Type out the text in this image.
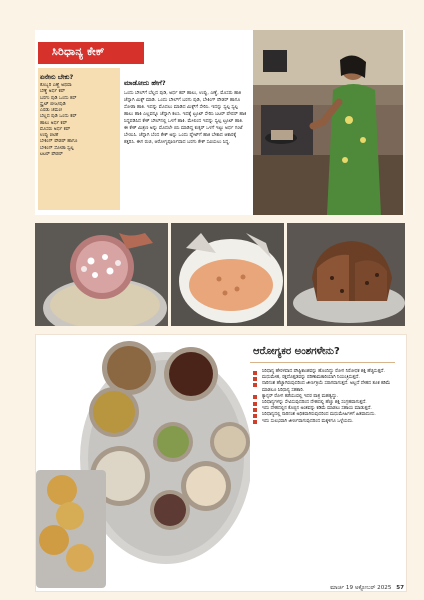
ಸಿರಿಧಾನ್ಯ ಕೇಕ್
ಏನೇನು ಬೇಕು?
ಕೊಬ್ಬರಿ ಎಣ್ಣೆ ಅಥವಾ
ಬೆಣ್ಣೆ ಅರ್ಧ ಕಪ್
ಬರಗು ಪುಡಿ ಒಂದು ಕಪ್
ಸ್ಟ್ರೈಟ್ ಬೀಜ/ಪುಡಿ
ಎರಡು ಚಮಚ
ಬೆಲ್ಲದ ಪುಡಿ ಒಂದು ಕಪ್
ಹಾಲು ಅರ್ಧ ಕಪ್
ಮೊಸರು ಅರ್ಧ ಕಪ್
ಉಪ್ಪು ಚಿಟಿಕೆ
ಬೇಕಿಂಗ್ ಪೌಡರ್ ಹಾಗೂ
ಬೇಕಿಂಗ್ ಸೋಡಾ ಸ್ವಲ್ಪ
ಟಟರ್ ಪೌಡರ್
ಮಾಡೋದು ಹೇಗೆ?
ಒಂದು ಬೌಲ್‌ಗೆ ಬೆಲ್ಲದ ಪುಡಿ, ಅರ್ಧ ಕಪ್ ಹಾಲು, ಉಪ್ಪು, ಎಣ್ಣೆ, ಮೊಸರು ಹಾಕಿ ಚೆನ್ನಾಗಿ ಮಿಕ್ಸ್ ಮಾಡಿ. ಒಂದು ಬೌಲ್‌ಗೆ ಬರಗು ಪುಡಿ, ಬೇಕಿಂಗ್ ಪೌಡರ್ ಹಾಗೂ ಸೋಡಾ ಹಾಕಿ. ಇದನ್ನು ಮೊದಲು ಮಾಡಿದ ಮಿಕ್ಸ್‌ಗೆ ಸೇರಿಸಿ. ಇದನ್ನು ಸ್ವಲ್ಪ ಸ್ವಲ್ಪ ಹಾಲು ಹಾಕಿ ಎಲ್ಲವನ್ನೂ ಚೆನ್ನಾಗಿ ಕಲಸಿ. ಇದಕ್ಕೆ ಟ್ರೂಟ್ ಸೇರಿಸಿ ಬಟರ್ ಪೇಪರ್ ಹಾಕಿ ಸಿದ್ಧಪಡಿಸಿದ ಕೇಕ್ ಬೌಲ್‌ನಲ್ಲಿ ಒಳಗೆ ಹಾಕಿ. ಮೇಲಿಂದ ಇದನ್ನು ಸ್ವಲ್ಪ ಟ್ರೂಟ್ ಹಾಕಿ. ಈ ಕೇಕ್ ಮಿಶ್ರಣ ಅನ್ನು ಮೊದಲೇ ಬಿಸಿ ಮಾಡಿದ್ದ ಕುಕ್ಕರ್ ಒಳಗೆ ಇಟ್ಟು ಅರ್ಧ ಗಂಟೆ ಬೇಯಿಸಿ. ಚೆನ್ನಾಗಿ ಬೆಂದ ಕೇಕ್ ಅನ್ನು ಒಂದು ಪ್ಲೇಟ್‌ಗೆ ಹಾಕಿ ಬೇಕಾದ ಆಕಾರಕ್ಕೆ ಕತ್ತರಿಸಿ. ಈಗ ರುಚಿ, ಆರೋಗ್ಯಪೂರ್ಣವಾದ ಬರಗು ಕೇಕ್ ಸವಿಯಲು ಸಿದ್ಧ.
ಆರೋಗ್ಯಕರ ಅಂಶಗಳೇನು?
ಸಿರಿಧಾನ್ಯ ಹೇರಳವಾದ ಪೌಷ್ಟಿಕಾಂಶವನ್ನು ಹೊಂದಿದ್ದು ರೋಗ ನಿರೋಧಕ ಶಕ್ತಿ ಹೆಚ್ಚಿಸುತ್ತದೆ.
ಮಧುಮೇಹ, ರಕ್ತದೊತ್ತಡವನ್ನು ಪರಿಣಾಮಕಾರಿಯಾಗಿ ನಿಯಂತ್ರಿಸುತ್ತದೆ.
ನಾರಿನಂಶ ಹೆಚ್ಚಾಗಿರುವುದರಿಂದ ಜೀರ್ಣಕ್ರಿಯೆ ಸರಾಗವಾಗುತ್ತದೆ. ಅಲ್ಲದೆ ದೇಹದ ತೂಕ ಕಡಿಮೆ ಮಾಡಲೂ ಸಿರಿಧಾನ್ಯ ಸಹಕಾರಿ.
ಕ್ಯಾನ್ಸರ್ ರೋಗ ತಡೆಯುವಲ್ಲಿ ಇದರ ಪಾತ್ರ ಮಹತ್ವದ್ದು.
ಸಿರಿಧಾನ್ಯಗಳನ್ನು ಸೇವಿಸುವುದರಿಂದ ದೇಹದಲ್ಲಿ ಹೆಚ್ಚು ಶಕ್ತಿ ಸಂಗ್ರಹವಾಗುತ್ತದೆ.
ಇದು ದೇಹದಲ್ಲಿನ ಕೊಬ್ಬಿನ ಅಂಶವನ್ನು ಕಡಿಮೆ ಮಾಡಲು ಸಹಾಯ ಮಾಡುತ್ತದೆ.
ಸಿರಿಧಾನ್ಯದಲ್ಲಿ ನಾರಿನಂಶ ಅಧಿಕವಾಗಿರುವುದರಿಂದ ಮಧುಮೇಹಿಗಳಿಗೆ ಹಿತವಾದುದು.
ಇದು ಸುಲಭವಾಗಿ ಜೀರ್ಣವಾಗುವುದರಿಂದ ಮಕ್ಕಳಿಗೂ ಒಳ್ಳೆಯದು.
ಮಾರ್ಚ 19 ಅಕ್ಟೋಬರ್ 2025 57
